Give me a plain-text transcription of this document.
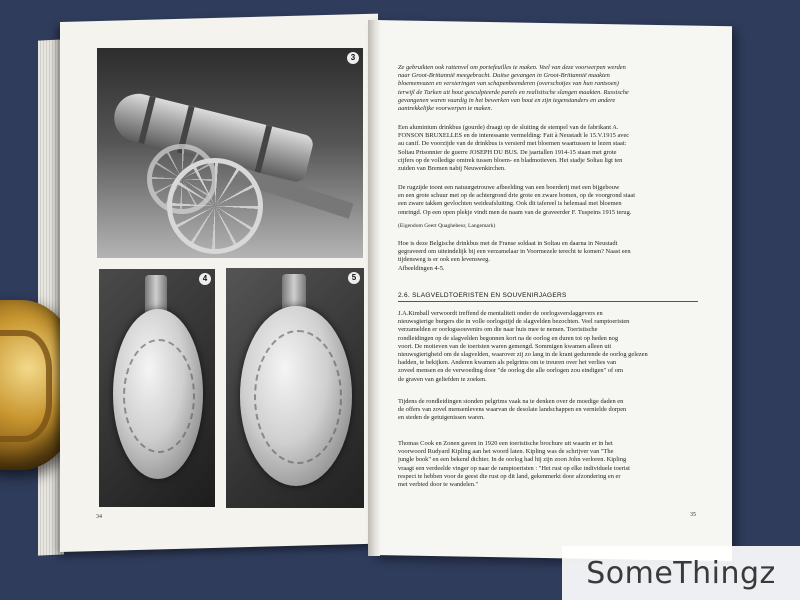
3
4	5
34	35
Ze gebruikten ook rattenvel om portefeuilles te maken. Veel van deze voorwerpen werden
naar Groot-Brittannië meegebracht. Duitse gevangen in Groot-Brittannië maakten
bloemenvazen en versieringen van schapenbeenderen (overschotjes van hun rantsoen)
terwijl de Turken uit hout gesculpteerde parels en realistische slangen maakten. Russische
gevangenen waren vaardig in het bewerken van hout en zijn tegenstanders en andere
aantrekkelijke voorwerpen te maken.
Een aluminium drinkbus (gourde) draagt op de sluiting de stempel van de fabrikant A.
FONSON BRUXELLES en de interessante vermelding: Fait à Neustadt le 15.V.1915 avec
au canif. De voorzijde van de drinkbus is versierd met bloemen waartussen te lezen staat:
Soltau Prisonnier de guerre JOSEPH DU BUS. De jaartallen 1914-15 staan met grote
cijfers op de volledige omtrek tussen bloem- en bladmotieven. Het stadje Soltau ligt ten
zuiden van Bremen nabij Neuwenkirchen.
De rugzijde toont een natuurgetrouwe afbeelding van een boerderij met een bijgebouw
en een grote schuur met op de achtergrond drie grote en zware bomen, op de voorgrond staat
een zware takken gevlochten weideafsluiting. Ook dit tafereel is helemaal met bloemen
omringd. Op een open plekje vindt men de naam van de graveerder F. Tuspeins 1915 terug.
(Eigendom Geert Quaghebeur, Langemark)
Hoe is deze Belgische drinkbus met de Franse soldaat in Soltau en daarna in Neustadt
gegraveerd om uiteindelijk bij een verzamelaar in Voormezele terecht te komen? Naast een
tijdensweg is er ook een levensweg.
Afbeeldingen 4-5.
2.6. SLAGVELDTOERISTEN EN SOUVENIRJAGERS
J.A.Kimball verwoordt treffend de mentaliteit onder de oorlogsverslaggevers en
nieuwsgierige burgers die in volle oorlogstijd de slagvelden bezochten. Veel ramptoeristen
verzamelden er oorlogssouvenirs om die naar huis mee te nemen. Toeristische
rondleidingen op de slagvelden begonnen kort na de oorlog en duren tot op heden nog
voort. De motieven van de toeristen waren gemengd. Sommigen kwamen alleen uit
nieuwsgierigheid om de slagvelden, waarover zij zo lang in de krant gedurende de oorlog gelezen
hadden, te bekijken. Anderen kwamen als pelgrims om te treuren over het verlies van
zoveel mensen en de verwoeding door "de oorlog die alle oorlogen zou eindigen" of om
de graven van geliefden te zoeken.
Tijdens de rondleidingen stonden pelgrims vaak na te denken over de moedige daden en
de offers van zovel mensenlevens waarvan de desolate landschappen en vernielde dorpen
en steden de getuigenissen waren.
Thomas Cook en Zonen gaven in 1920 een toeristische brochure uit waarin er in het
voorwoord Rudyard Kipling aan het woord laten. Kipling was de schrijver van "The
jungle book" en een bekend dichter. In de oorlog had hij zijn zoon John verloren. Kipling
vraagt een verdeelde vinger op naar de ramptoeristen : "Het rust op elke individuele toerist
respect te hebben voor de geest die rust op dit land, gekenmerkt door afzondering en er
met verbied door te wandelen."
SomeThingz
